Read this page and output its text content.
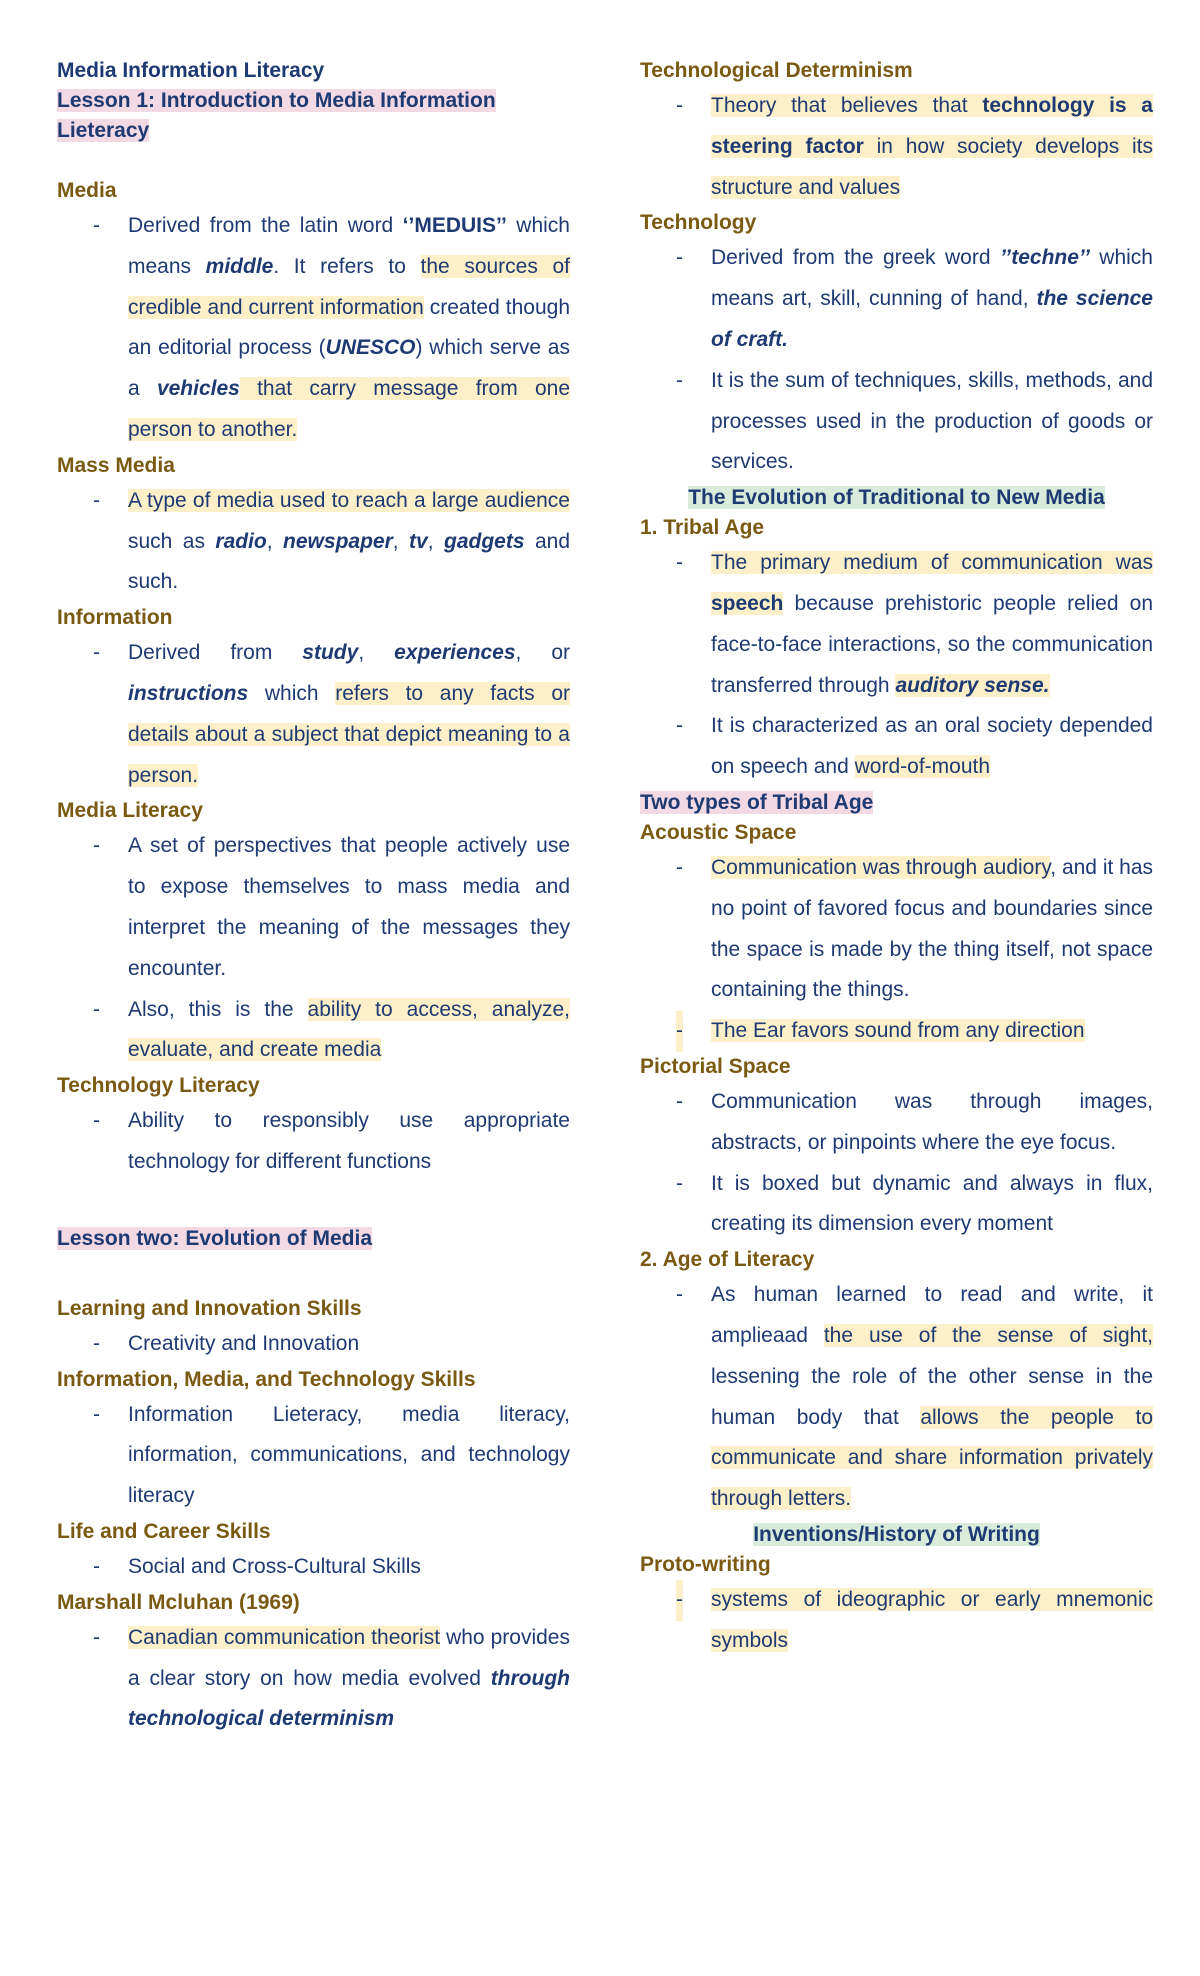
Media Information Literacy

Lesson 1: Introduction to Media Information Lieteracy

Media

- Derived from the latin word ‘’MEDUIS’’ which means middle. It refers to the sources of credible and current information created though an editorial process (UNESCO) which serve as a vehicles that carry message from one person to another.

Mass Media

- A type of media used to reach a large audience such as radio, newspaper, tv, gadgets and such.

Information

- Derived from study, experiences, or instructions which refers to any facts or details about a subject that depict meaning to a person.

Media Literacy

- A set of perspectives that people actively use to expose themselves to mass media and interpret the meaning of the messages they encounter.
- Also, this is the ability to access, analyze, evaluate, and create media

Technology Literacy

- Ability to responsibly use appropriate technology for different functions

Lesson two: Evolution of Media

Learning and Innovation Skills

- Creativity and Innovation

Information, Media, and Technology Skills

- Information Lieteracy, media literacy, information, communications, and technology literacy

Life and Career Skills

- Social and Cross-Cultural Skills

Marshall Mcluhan (1969)

- Canadian communication theorist who provides a clear story on how media evolved through technological determinism

Technological Determinism

- Theory that believes that technology is a steering factor in how society develops its structure and values

Technology

- Derived from the greek word ’’techne’’ which means art, skill, cunning of hand, the science of craft.
- It is the sum of techniques, skills, methods, and processes used in the production of goods or services.

The Evolution of Traditional to New Media

1. Tribal Age

- The primary medium of communication was speech because prehistoric people relied on face-to-face interactions, so the communication transferred through auditory sense.
- It is characterized as an oral society depended on speech and word-of-mouth

Two types of Tribal Age

Acoustic Space

- Communication was through audiory, and it has no point of favored focus and boundaries since the space is made by the thing itself, not space containing the things.
- The Ear favors sound from any direction

Pictorial Space

- Communication was through images, abstracts, or pinpoints where the eye focus.
- It is boxed but dynamic and always in flux, creating its dimension every moment

2. Age of Literacy

- As human learned to read and write, it amplieaad the use of the sense of sight, lessening the role of the other sense in the human body that allows the people to communicate and share information privately through letters.

Inventions/History of Writing

Proto-writing

- systems of ideographic or early mnemonic symbols
